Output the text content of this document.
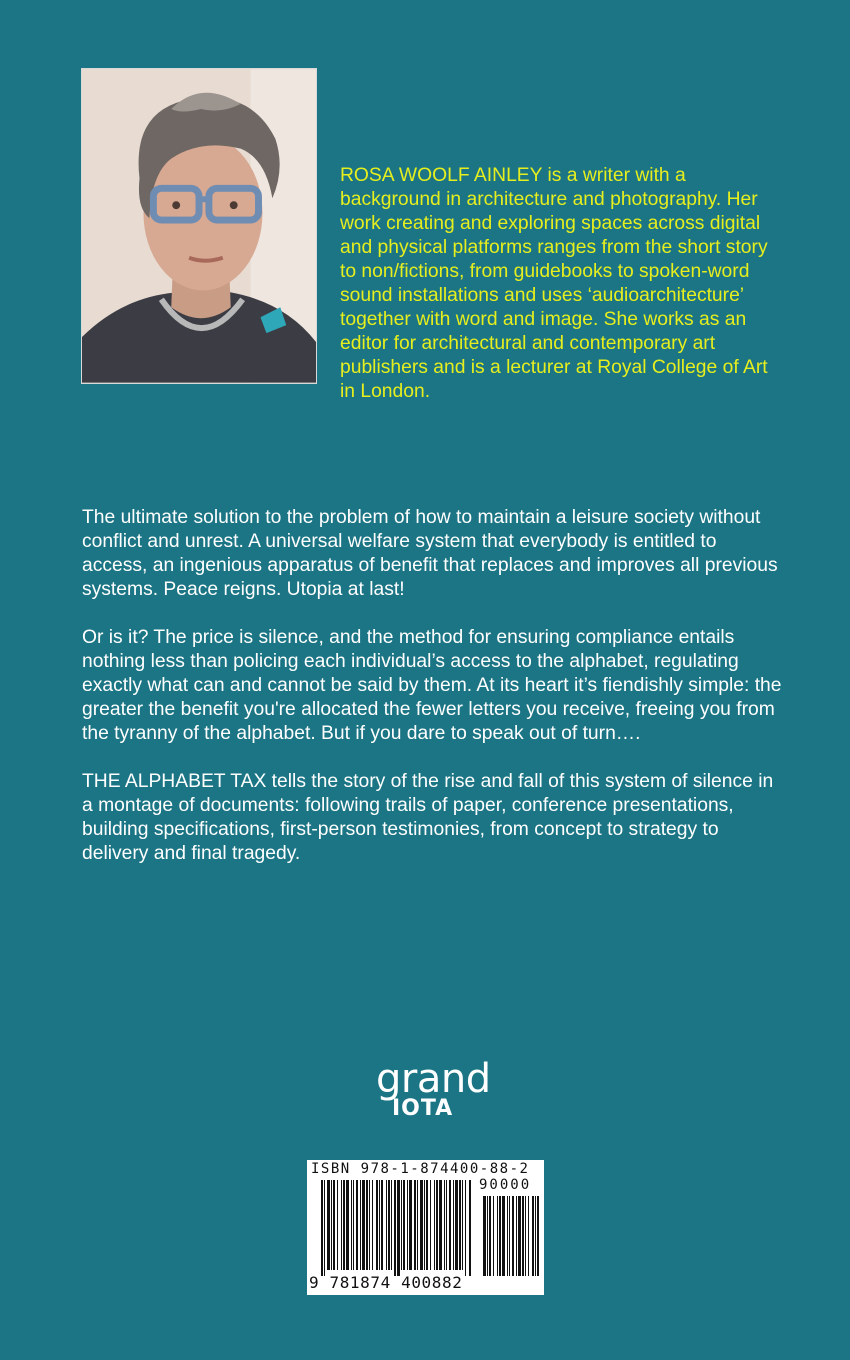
ROSA WOOLF AINLEY is a writer with a background in architecture and photography. Her work creating and exploring spaces across digital and physical platforms ranges from the short story to non/fictions, from guidebooks to spoken-word sound installations and uses ‘audioarchitecture’ together with word and image. She works as an editor for architectural and contemporary art publishers and is a lecturer at Royal College of Art in London.

The ultimate solution to the problem of how to maintain a leisure society without conflict and unrest. A universal welfare system that everybody is entitled to access, an ingenious apparatus of benefit that replaces and improves all previous systems. Peace reigns. Utopia at last!

Or is it? The price is silence, and the method for ensuring compliance entails nothing less than policing each individual’s access to the alphabet, regulating exactly what can and cannot be said by them. At its heart it’s fiendishly simple: the greater the benefit you're allocated the fewer letters you receive, freeing you from the tyranny of the alphabet. But if you dare to speak out of turn….

THE ALPHABET TAX tells the story of the rise and fall of this system of silence in a montage of documents: following trails of paper, conference presentations, building specifications, first-person testimonies, from concept to strategy to delivery and final tragedy.

grand
IOTA
ISBN 978-1-874400-88-2
90000
9 781874 400882
